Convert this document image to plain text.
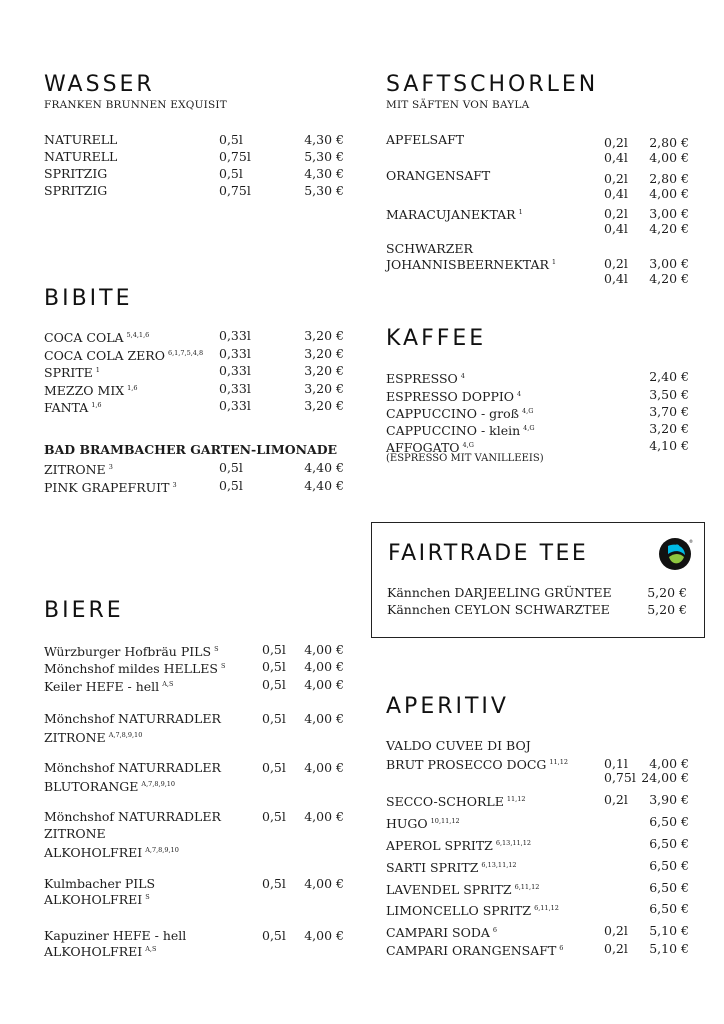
WASSER
FRANKEN BRUNNEN EXQUISIT
NATURELL	0,5l	4,30 €
NATURELL	0,75l	5,30 €
SPRITZIG	0,5l	4,30 €
SPRITZIG	0,75l	5,30 €
BIBITE
COCA COLA $^{5,4,1,6}$	0,33l	3,20 €
COCA COLA ZERO $^{6,1,7,5,4,8}$ 0,33l	3,20 €
SPRITE $^1$	0,33l	3,20 €
MEZZO MIX $^{1,6}$	0,33l	3,20 €
FANTA $^{1,6}$	0,33l	3,20 €
BAD BRAMBACHER GARTEN-LIMONADE
ZITRONE $^3$	0,5l	4,40 €
PINK GRAPEFRUIT $^3$	0,5l	4,40 €
BIERE
Würzburger Hofbräu PILS $^S$	0,5l 4,00 €
Mönchshof mildes HELLES $^S$	0,5l 4,00 €
Keiler HEFE - hell $^{A,S}$	0,5l 4,00 €
Mönchshof NATURRADLER
ZITRONE $^{A,7,8,9,10}$
0,5l 4,00 €
Mönchshof NATURRADLER
BLUTORANGE $^{A,7,8,9,10}$
0,5l 4,00 €
Mönchshof NATURRADLER
ZITRONE
ALKOHOLFREI $^{A,7,8,9,10}$
0,5l 4,00 €
Kulmbacher PILS
ALKOHOLFREI $^S$
0,5l 4,00 €
Kapuziner HEFE - hell
ALKOHOLFREI $^{A,S}$
0,5l 4,00 €
SAFTSCHORLEN
MIT SÄFTEN VON BAYLA
APFELSAFT	0,2l 2,80 €
0,4l 4,00 €
ORANGENSAFT	0,2l 2,80 €
0,4l 4,00 €
MARACUJANEKTAR $^1$	0,2l 3,00 €
0,4l 4,20 €
SCHWARZER
JOHANNISBEERNEKTAR $^1$	0,2l 3,00 €
0,4l 4,20 €
KAFFEE
ESPRESSO $^4$	2,40 €
ESPRESSO DOPPIO $^4$	3,50 €
CAPPUCCINO - groß $^{4,G}$	3,70 €
CAPPUCCINO - klein $^{4,G}$	3,20 €
AFFOGATO $^{4,G}$	4,10 €
(ESPRESSO MIT VANILLEEIS)
FAIRTRADE TEE	®
Kännchen DARJEELING GRÜNTEE	5,20 €
Kännchen CEYLON SCHWARZTEE	5,20 €
APERITIV
VALDO CUVEE DI BOJ
BRUT PROSECCO DOCG $^{11,12}$	0,1l 4,00 €
0,75l 24,00 €
SECCO-SCHORLE $^{11,12}$	0,2l 3,90 €
HUGO $^{10,11,12}$	6,50 €
APEROL SPRITZ $^{6,13,11,12}$	6,50 €
SARTI SPRITZ $^{6,13,11,12}$	6,50 €
LAVENDEL SPRITZ $^{6,11,12}$	6,50 €
LIMONCELLO SPRITZ $^{6,11,12}$	6,50 €
CAMPARI SODA $^6$	0,2l 5,10 €
CAMPARI ORANGENSAFT $^6$	0,2l 5,10 €
